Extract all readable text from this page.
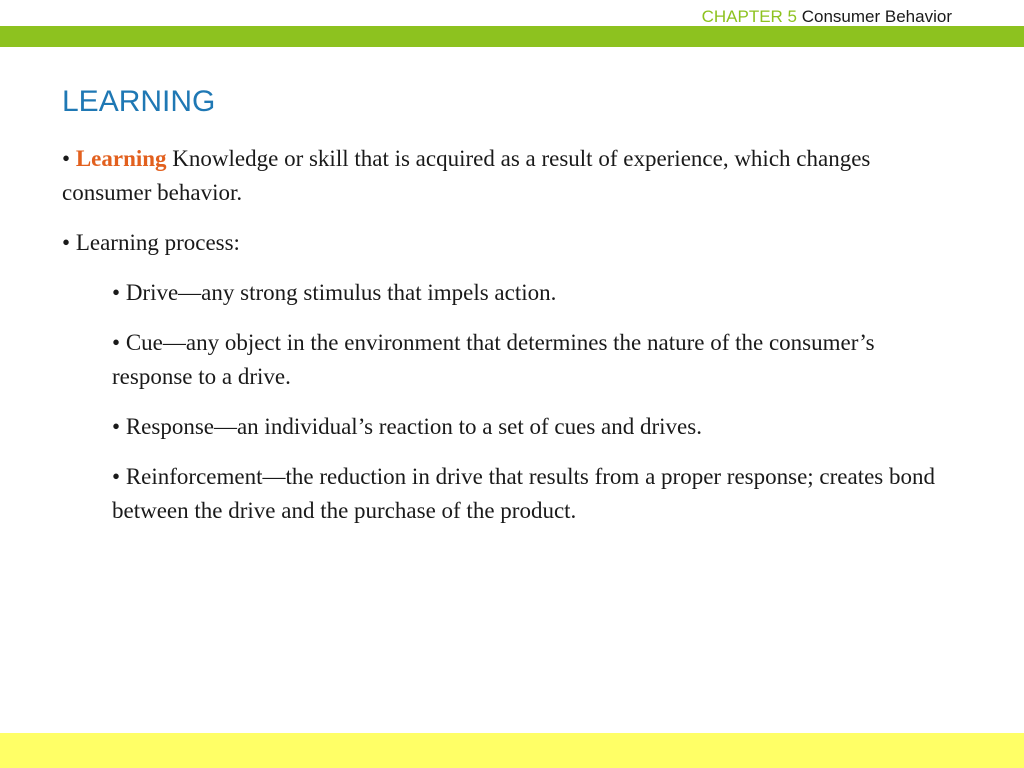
CHAPTER 5 Consumer Behavior
LEARNING

• Learning Knowledge or skill that is acquired as a result of experience, which changes consumer behavior.

• Learning process:

• Drive—any strong stimulus that impels action.

• Cue—any object in the environment that determines the nature of the consumer’s response to a drive.

• Response—an individual’s reaction to a set of cues and drives.

• Reinforcement—the reduction in drive that results from a proper response; creates bond between the drive and the purchase of the product.
